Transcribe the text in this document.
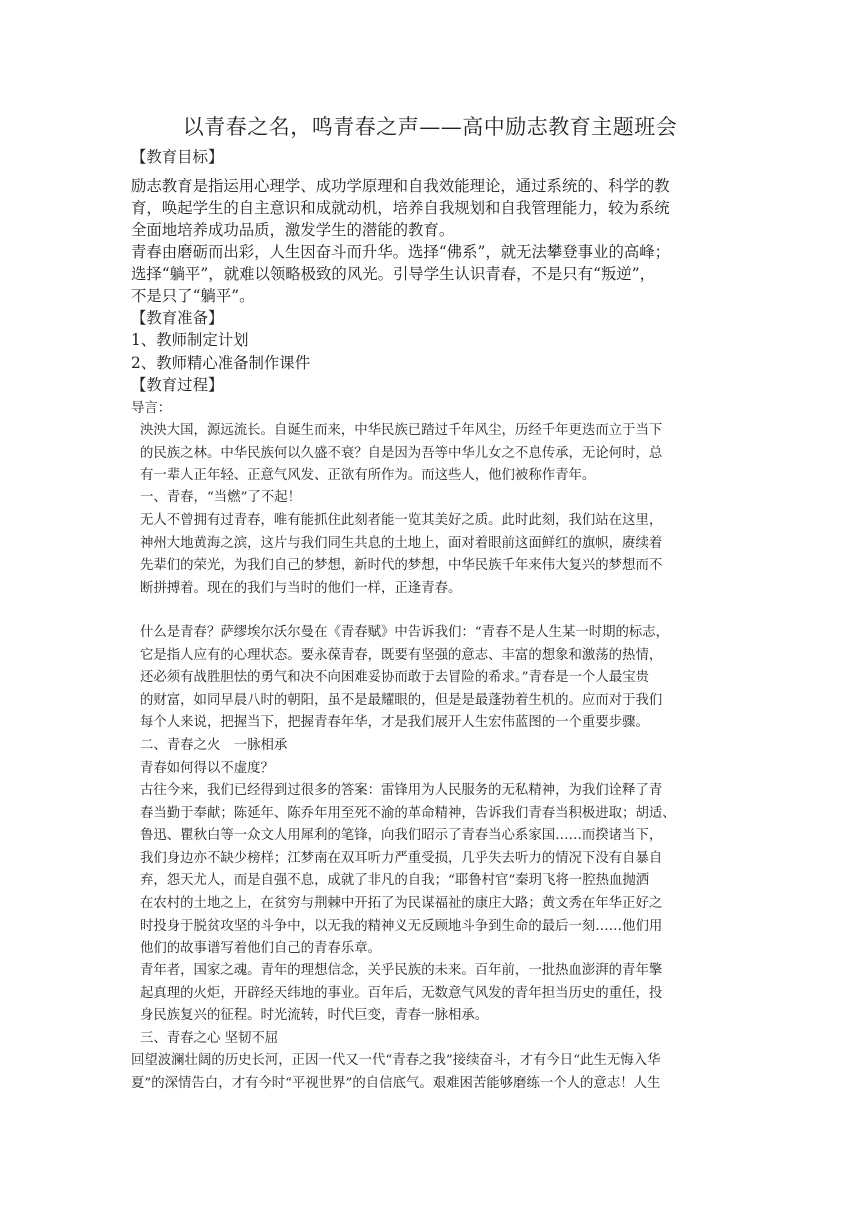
以青春之名，鸣青春之声——高中励志教育主题班会
【教育目标】
励志教育是指运用心理学、成功学原理和自我效能理论，通过系统的、科学的教
育，唤起学生的自主意识和成就动机，培养自我规划和自我管理能力，较为系统
全面地培养成功品质，激发学生的潜能的教育。
青春由磨砺而出彩，人生因奋斗而升华。选择“佛系”，就无法攀登事业的高峰；
选择“躺平”，就难以领略极致的风光。引导学生认识青春，不是只有“叛逆”，
不是只了“躺平”。
【教育准备】
1、教师制定计划
2、教师精心准备制作课件
【教育过程】
导言：
泱泱大国，源远流长。自诞生而来，中华民族已踏过千年风尘，历经千年更迭而立于当下
的民族之林。中华民族何以久盛不衰？自是因为吾等中华儿女之不息传承，无论何时，总
有一辈人正年轻、正意气风发、正欲有所作为。而这些人，他们被称作青年。
一、青春，“当燃”了不起！
无人不曾拥有过青春，唯有能抓住此刻者能一览其美好之质。此时此刻，我们站在这里，
神州大地黄海之滨，这片与我们同生共息的土地上，面对着眼前这面鲜红的旗帜，赓续着
先辈们的荣光，为我们自己的梦想，新时代的梦想，中华民族千年来伟大复兴的梦想而不
断拼搏着。现在的我们与当时的他们一样，正逢青春。
什么是青春？萨缪埃尔沃尔曼在《青春赋》中告诉我们：“青春不是人生某一时期的标志，
它是指人应有的心理状态。要永葆青春，既要有坚强的意志、丰富的想象和激荡的热情，
还必须有战胜胆怯的勇气和决不向困难妥协而敢于去冒险的希求。”青春是一个人最宝贵
的财富，如同早晨八时的朝阳，虽不是最耀眼的，但是是最蓬勃着生机的。应而对于我们
每个人来说，把握当下，把握青春年华，才是我们展开人生宏伟蓝图的一个重要步骤。
二、青春之火　一脉相承
青春如何得以不虚度？
古往今来，我们已经得到过很多的答案：雷锋用为人民服务的无私精神，为我们诠释了青
春当勤于奉献；陈延年、陈乔年用至死不渝的革命精神，告诉我们青春当积极进取；胡适、
鲁迅、瞿秋白等一众文人用犀利的笔锋，向我们昭示了青春当心系家国……而揆诸当下，
我们身边亦不缺少榜样；江梦南在双耳听力严重受损，几乎失去听力的情况下没有自暴自
弃，怨天尤人，而是自强不息，成就了非凡的自我；“耶鲁村官“秦玥飞将一腔热血抛洒
在农村的土地之上，在贫穷与荆棘中开拓了为民谋福祉的康庄大路；黄文秀在年华正好之
时投身于脱贫攻坚的斗争中，以无我的精神义无反顾地斗争到生命的最后一刻……他们用
他们的故事谱写着他们自己的青春乐章。
青年者，国家之魂。青年的理想信念，关乎民族的未来。百年前，一批热血澎湃的青年擎
起真理的火炬，开辟经天纬地的事业。百年后，无数意气风发的青年担当历史的重任，投
身民族复兴的征程。时光流转，时代巨变，青春一脉相承。
三、青春之心 坚韧不屈
回望波澜壮阔的历史长河，正因一代又一代“青春之我”接续奋斗，才有今日“此生无悔入华
夏”的深情告白，才有今时“平视世界”的自信底气。艰难困苦能够磨练一个人的意志！人生
